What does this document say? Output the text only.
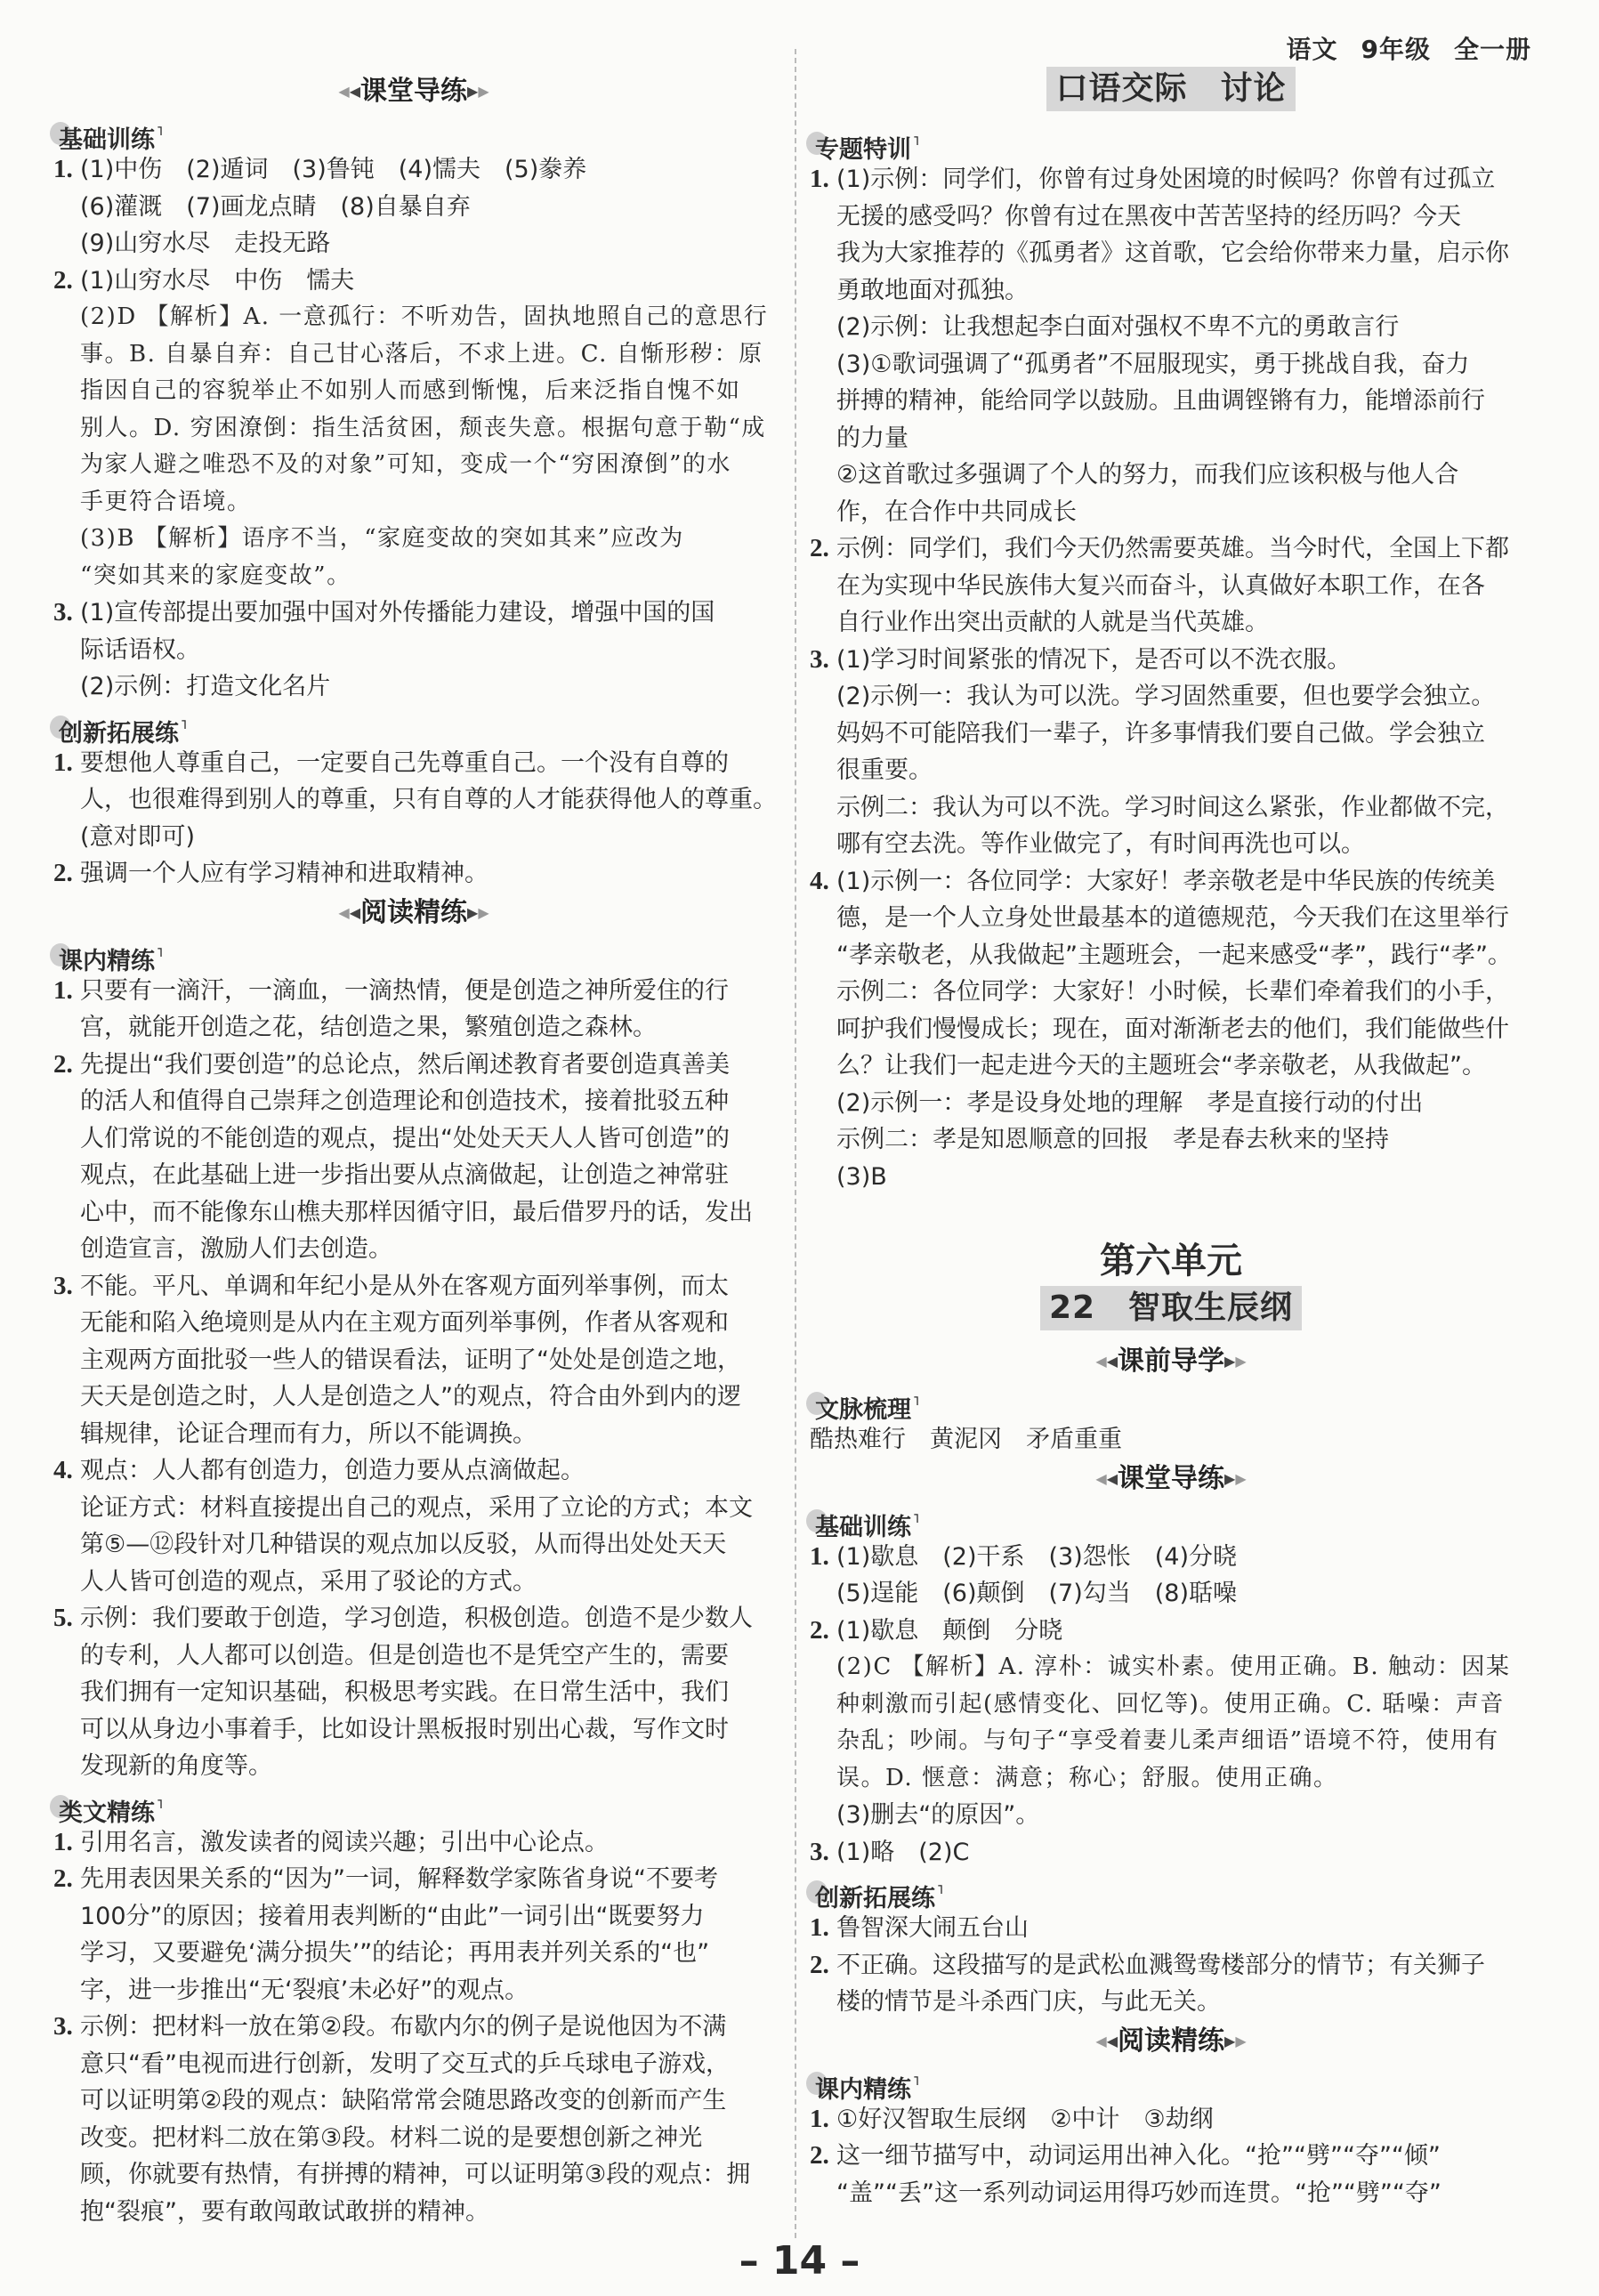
语文 9年级 全一册
◀◀课堂导练▶▶
基础训练 ˥
1. (1)中伤　(2)遁词　(3)鲁钝　(4)懦夫　(5)豢养
(6)灌溉　(7)画龙点睛　(8)自暴自弃
(9)山穷水尽　走投无路
2. (1)山穷水尽　中伤　懦夫
(2)D 【解析】A. 一意孤行：不听劝告，固执地照自己的意思行
事。B. 自暴自弃：自己甘心落后，不求上进。C. 自惭形秽：原
指因自己的容貌举止不如别人而感到惭愧，后来泛指自愧不如
别人。D. 穷困潦倒：指生活贫困，颓丧失意。根据句意于勒“成
为家人避之唯恐不及的对象”可知，变成一个“穷困潦倒”的水
手更符合语境。
(3)B 【解析】语序不当，“家庭变故的突如其来”应改为
“突如其来的家庭变故”。
3. (1)宣传部提出要加强中国对外传播能力建设，增强中国的国
际话语权。
(2)示例：打造文化名片
创新拓展练 ˥
1. 要想他人尊重自己，一定要自己先尊重自己。一个没有自尊的
人，也很难得到别人的尊重，只有自尊的人才能获得他人的尊重。
(意对即可)
2. 强调一个人应有学习精神和进取精神。
◀◀阅读精练▶▶
课内精练 ˥
1. 只要有一滴汗，一滴血，一滴热情，便是创造之神所爱住的行
宫，就能开创造之花，结创造之果，繁殖创造之森林。
2. 先提出“我们要创造”的总论点，然后阐述教育者要创造真善美
的活人和值得自己崇拜之创造理论和创造技术，接着批驳五种
人们常说的不能创造的观点，提出“处处天天人人皆可创造”的
观点，在此基础上进一步指出要从点滴做起，让创造之神常驻
心中，而不能像东山樵夫那样因循守旧，最后借罗丹的话，发出
创造宣言，激励人们去创造。
3. 不能。平凡、单调和年纪小是从外在客观方面列举事例，而太
无能和陷入绝境则是从内在主观方面列举事例，作者从客观和
主观两方面批驳一些人的错误看法，证明了“处处是创造之地，
天天是创造之时，人人是创造之人”的观点，符合由外到内的逻
辑规律，论证合理而有力，所以不能调换。
4. 观点：人人都有创造力，创造力要从点滴做起。
论证方式：材料直接提出自己的观点，采用了立论的方式；本文
第⑤—⑫段针对几种错误的观点加以反驳，从而得出处处天天
人人皆可创造的观点，采用了驳论的方式。
5. 示例：我们要敢于创造，学习创造，积极创造。创造不是少数人
的专利，人人都可以创造。但是创造也不是凭空产生的，需要
我们拥有一定知识基础，积极思考实践。在日常生活中，我们
可以从身边小事着手，比如设计黑板报时别出心裁，写作文时
发现新的角度等。
类文精练 ˥
1. 引用名言，激发读者的阅读兴趣；引出中心论点。
2. 先用表因果关系的“因为”一词，解释数学家陈省身说“不要考
100分”的原因；接着用表判断的“由此”一词引出“既要努力
学习，又要避免‘满分损失’”的结论；再用表并列关系的“也”
字，进一步推出“无‘裂痕’未必好”的观点。
3. 示例：把材料一放在第②段。布歇内尔的例子是说他因为不满
意只“看”电视而进行创新，发明了交互式的乒乓球电子游戏，
可以证明第②段的观点：缺陷常常会随思路改变的创新而产生
改变。把材料二放在第③段。材料二说的是要想创新之神光
顾，你就要有热情，有拼搏的精神，可以证明第③段的观点：拥
抱“裂痕”，要有敢闯敢试敢拼的精神。
口语交际　讨论
专题特训 ˥
1. (1)示例：同学们，你曾有过身处困境的时候吗？你曾有过孤立
无援的感受吗？你曾有过在黑夜中苦苦坚持的经历吗？今天
我为大家推荐的《孤勇者》这首歌，它会给你带来力量，启示你
勇敢地面对孤独。
(2)示例：让我想起李白面对强权不卑不亢的勇敢言行
(3)①歌词强调了“孤勇者”不屈服现实，勇于挑战自我，奋力
拼搏的精神，能给同学以鼓励。且曲调铿锵有力，能增添前行
的力量
②这首歌过多强调了个人的努力，而我们应该积极与他人合
作，在合作中共同成长
2. 示例：同学们，我们今天仍然需要英雄。当今时代，全国上下都
在为实现中华民族伟大复兴而奋斗，认真做好本职工作，在各
自行业作出突出贡献的人就是当代英雄。
3. (1)学习时间紧张的情况下，是否可以不洗衣服。
(2)示例一：我认为可以洗。学习固然重要，但也要学会独立。
妈妈不可能陪我们一辈子，许多事情我们要自己做。学会独立
很重要。
示例二：我认为可以不洗。学习时间这么紧张，作业都做不完，
哪有空去洗。等作业做完了，有时间再洗也可以。
4. (1)示例一：各位同学：大家好！孝亲敬老是中华民族的传统美
德，是一个人立身处世最基本的道德规范，今天我们在这里举行
“孝亲敬老，从我做起”主题班会，一起来感受“孝”，践行“孝”。
示例二：各位同学：大家好！小时候，长辈们牵着我们的小手，
呵护我们慢慢成长；现在，面对渐渐老去的他们，我们能做些什
么？让我们一起走进今天的主题班会“孝亲敬老，从我做起”。
(2)示例一：孝是设身处地的理解　孝是直接行动的付出
示例二：孝是知恩顺意的回报　孝是春去秋来的坚持
(3)B
第六单元
22　智取生辰纲
◀◀课前导学▶▶
文脉梳理 ˥
酷热难行　黄泥冈　矛盾重重
◀◀课堂导练▶▶
基础训练 ˥
1. (1)歇息　(2)干系　(3)怨怅　(4)分晓
(5)逞能　(6)颠倒　(7)勾当　(8)聒噪
2. (1)歇息　颠倒　分晓
(2)C 【解析】A. 淳朴：诚实朴素。使用正确。B. 触动：因某
种刺激而引起(感情变化、回忆等)。使用正确。C. 聒噪：声音
杂乱；吵闹。与句子“享受着妻儿柔声细语”语境不符，使用有
误。D. 惬意：满意；称心；舒服。使用正确。
(3)删去“的原因”。
3. (1)略　(2)C
创新拓展练 ˥
1. 鲁智深大闹五台山
2. 不正确。这段描写的是武松血溅鸳鸯楼部分的情节；有关狮子
楼的情节是斗杀西门庆，与此无关。
◀◀阅读精练▶▶
课内精练 ˥
1. ①好汉智取生辰纲　②中计　③劫纲
2. 这一细节描写中，动词运用出神入化。“抢”“劈”“夺”“倾”
“盖”“丢”这一系列动词运用得巧妙而连贯。“抢”“劈”“夺”
– 14 –
